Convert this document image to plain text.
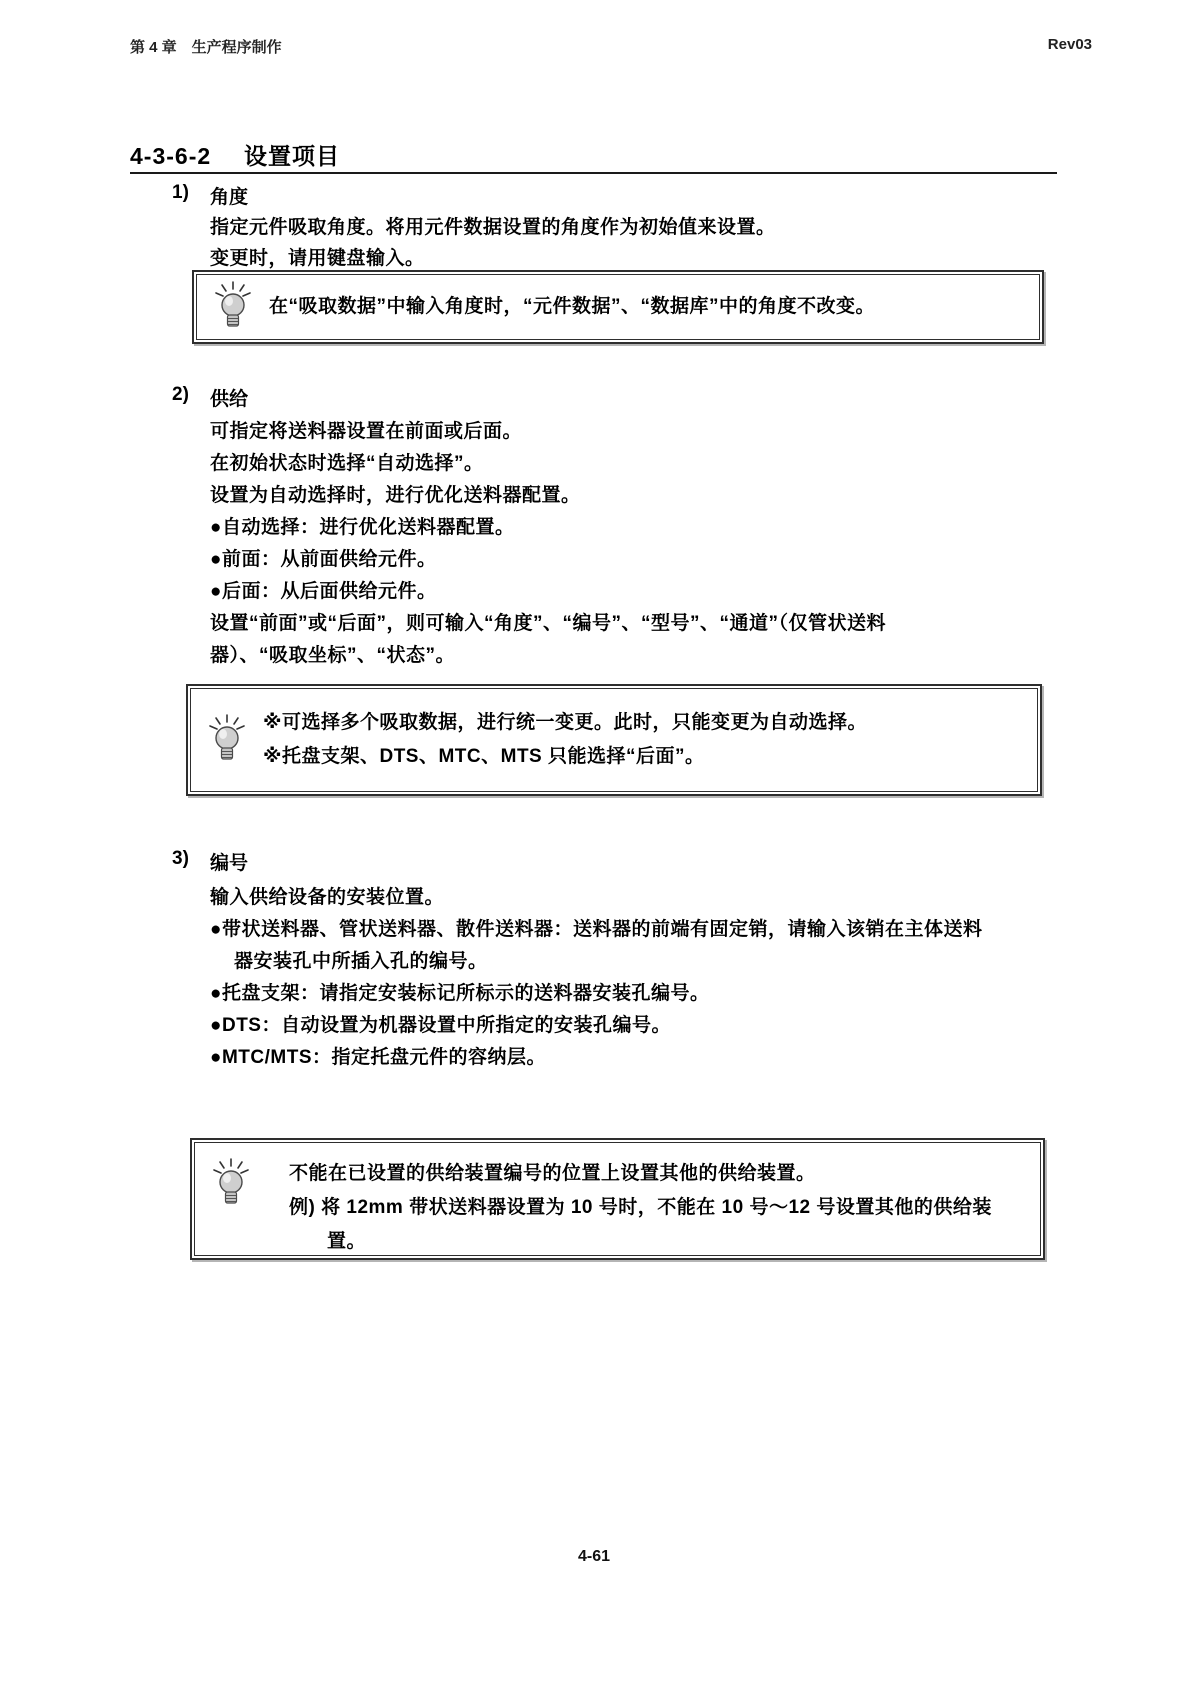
第 4 章　生产程序制作	Rev03
4-3-6-2 设置项目
1) 角度
指定元件吸取角度。将用元件数据设置的角度作为初始值来设置。
变更时，请用键盘输入。
在“吸取数据”中输入角度时，“元件数据”、“数据库”中的角度不改变。
2) 供给
可指定将送料器设置在前面或后面。
在初始状态时选择“自动选择”。
设置为自动选择时，进行优化送料器配置。
●自动选择：进行优化送料器配置。
●前面：从前面供给元件。
●后面：从后面供给元件。
设置“前面”或“后面”，则可输入“角度”、“编号”、“型号”、“通道”（仅管状送料
器）、“吸取坐标”、“状态”。
※可选择多个吸取数据，进行统一变更。此时，只能变更为自动选择。
※托盘支架、DTS、MTC、MTS 只能选择“后面”。
3) 编号
输入供给设备的安装位置。
●带状送料器、管状送料器、散件送料器：送料器的前端有固定销，请输入该销在主体送料
器安装孔中所插入孔的编号。
●托盘支架：请指定安装标记所标示的送料器安装孔编号。
●DTS：自动设置为机器设置中所指定的安装孔编号。
●MTC/MTS：指定托盘元件的容纳层。
不能在已设置的供给装置编号的位置上设置其他的供给装置。
例) 将 12mm 带状送料器设置为 10 号时，不能在 10 号～12 号设置其他的供给装
置。
4-61
